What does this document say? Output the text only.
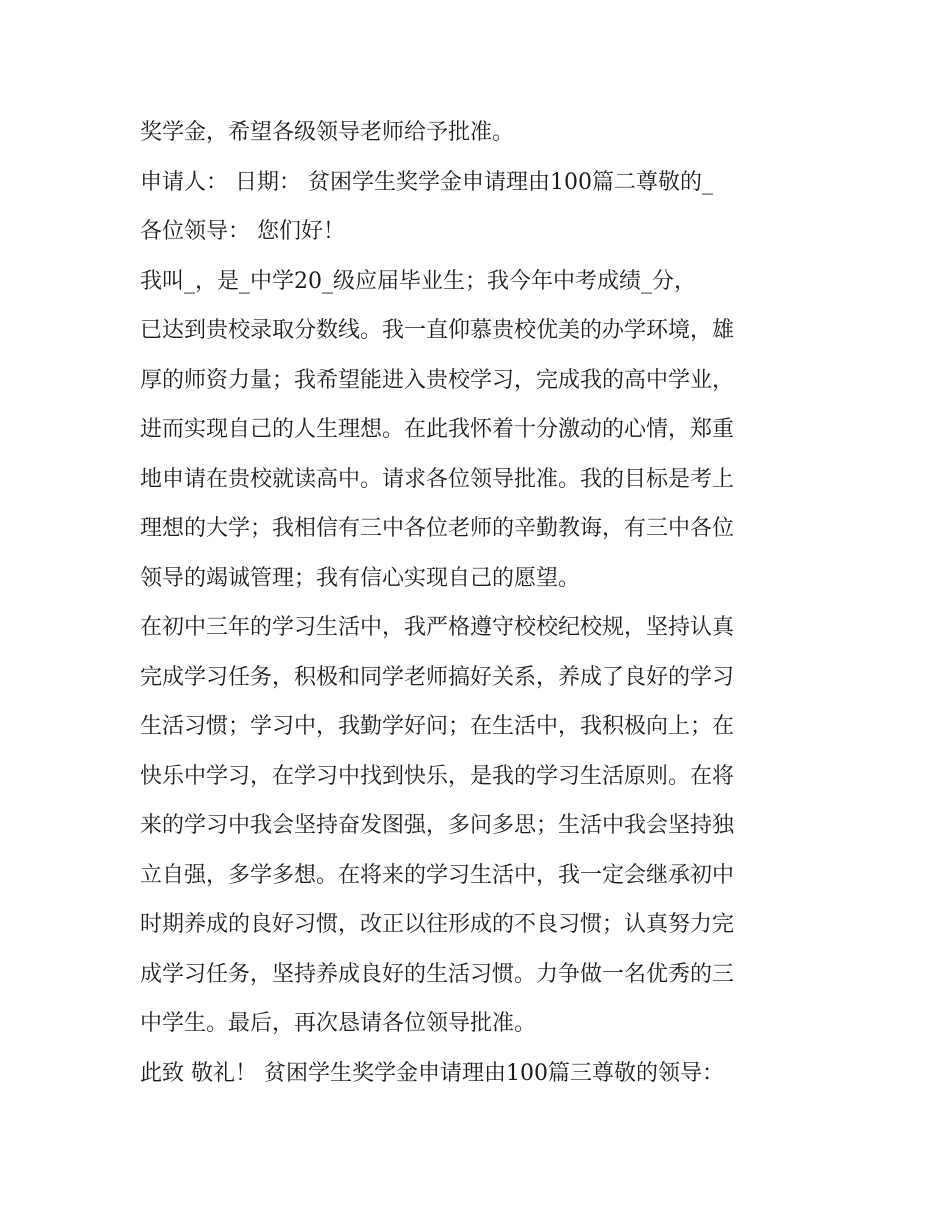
奖学金，希望各级领导老师给予批准。

申请人： 日期： 贫困学生奖学金申请理由100篇二尊敬的_

各位领导： 您们好！

我叫_，是_中学20_级应届毕业生；我今年中考成绩_分，

已达到贵校录取分数线。我一直仰慕贵校优美的办学环境，雄

厚的师资力量；我希望能进入贵校学习，完成我的高中学业，

进而实现自己的人生理想。在此我怀着十分激动的心情，郑重

地申请在贵校就读高中。请求各位领导批准。我的目标是考上

理想的大学；我相信有三中各位老师的辛勤教诲，有三中各位

领导的竭诚管理；我有信心实现自己的愿望。

在初中三年的学习生活中，我严格遵守校校纪校规，坚持认真

完成学习任务，积极和同学老师搞好关系，养成了良好的学习

生活习惯；学习中，我勤学好问；在生活中，我积极向上；在

快乐中学习，在学习中找到快乐，是我的学习生活原则。在将

来的学习中我会坚持奋发图强，多问多思；生活中我会坚持独

立自强，多学多想。在将来的学习生活中，我一定会继承初中

时期养成的良好习惯，改正以往形成的不良习惯；认真努力完

成学习任务，坚持养成良好的生活习惯。力争做一名优秀的三

中学生。最后，再次恳请各位领导批准。

此致 敬礼！ 贫困学生奖学金申请理由100篇三尊敬的领导：
